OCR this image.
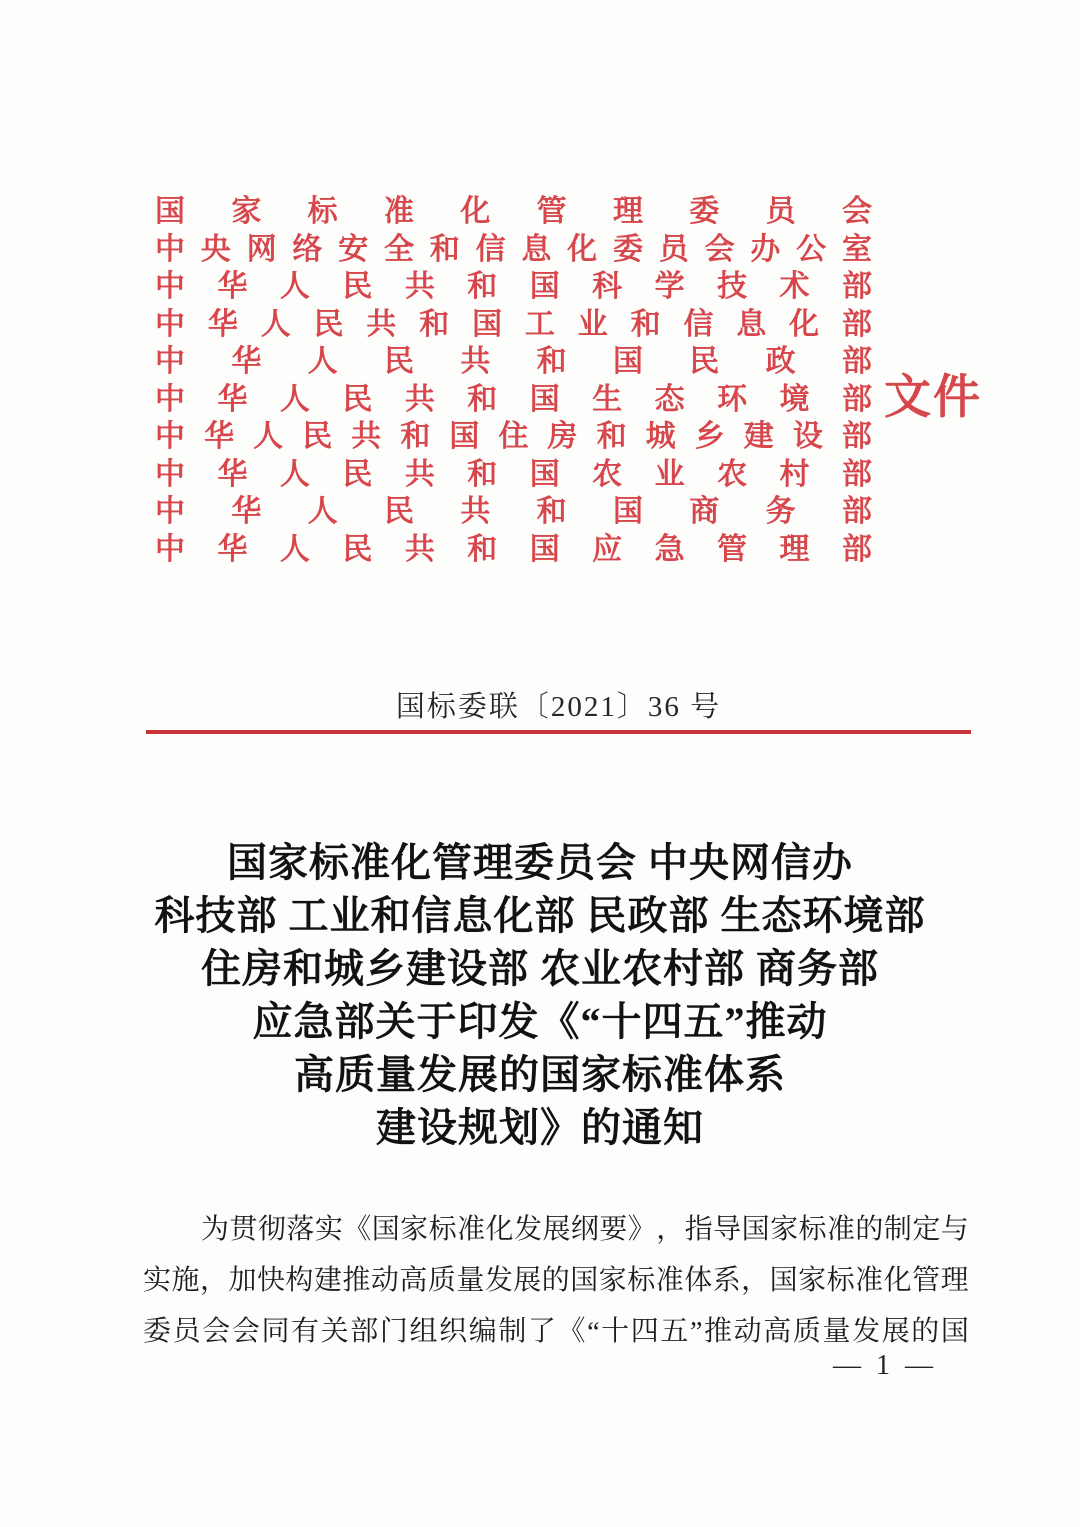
国 家 标 准 化 管 理 委 员 会
中 央 网 络 安 全 和 信 息 化 委 员 会 办 公 室
中 华 人 民 共 和 国 科 学 技 术 部
中 华 人 民 共 和 国 工 业 和 信 息 化 部
中 华 人 民 共 和 国 民 政 部
中 华 人 民 共 和 国 生 态 环 境 部
中 华 人 民 共 和 国 住 房 和 城 乡 建 设 部
中 华 人 民 共 和 国 农 业 农 村 部
中 华 人 民 共 和 国 商 务 部
中 华 人 民 共 和 国 应 急 管 理 部
文件
国标委联〔2021〕36 号
国家标准化管理委员会 中央网信办
科技部 工业和信息化部 民政部 生态环境部
住房和城乡建设部 农业农村部 商务部
应急部关于印发《“十四五”推动
高质量发展的国家标准体系
建设规划》的通知
为 贯 彻 落 实 《 国 家 标 准 化 发 展 纲 要 》 ， 指 导 国 家 标 准 的 制 定 与
实 施 ， 加 快 构 建 推 动 高 质 量 发 展 的 国 家 标 准 体 系 ， 国 家 标 准 化 管 理
委 员 会 会 同 有 关 部 门 组 织 编 制 了 《 “ 十 四 五 ” 推 动 高 质 量 发 展 的 国
— 1 —
